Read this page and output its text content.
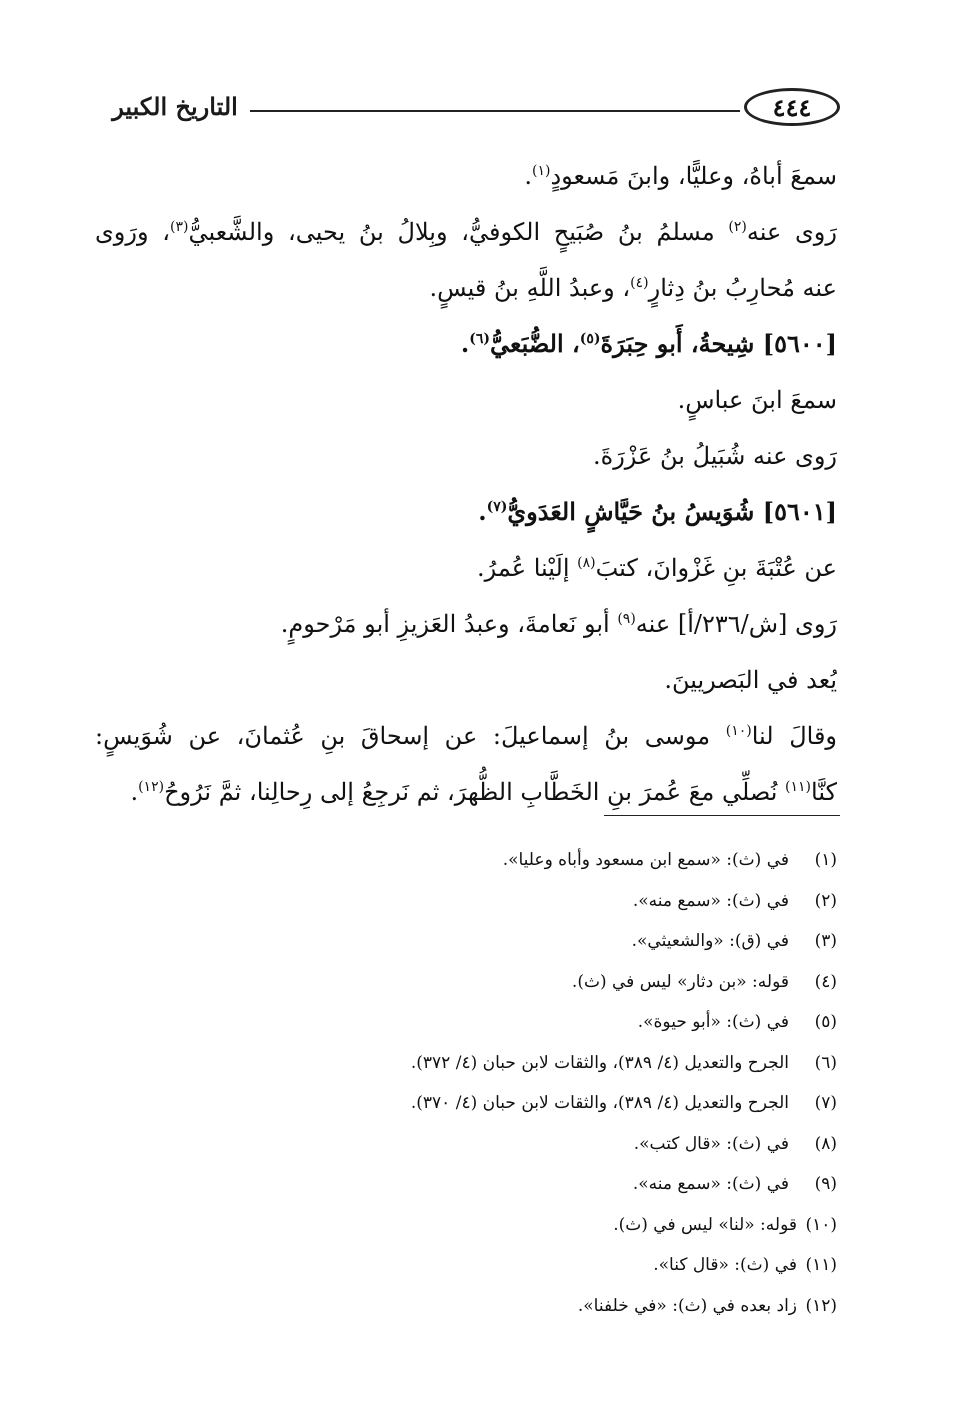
التاريخ الكبير	٤٤٤
سمعَ أباهُ، وعليًّا، وابنَ مَسعودٍ$^{(١)}$.
رَوى عنه$^{(٢)}$ مسلمُ بنُ صُبَيحٍ الكوفيُّ، وبِلالُ بنُ يحيى، والشَّعبيُّ$^{(٣)}$، ورَوى
عنه مُحارِبُ بنُ دِثارٍ$^{(٤)}$، وعبدُ اللَّهِ بنُ قيسٍ.
[٥٦٠٠] شِيحةُ، أَبو حِبَرَةَ$^{(٥)}$، الضُّبَعيُّ$^{(٦)}$.
سمعَ ابنَ عباسٍ.
رَوى عنه شُبَيلُ بنُ عَزْرَةَ.
[٥٦٠١] شُوَيسُ بنُ حَيَّاشٍ العَدَويُّ$^{(٧)}$.
عن عُتْبَةَ بنِ غَزْوانَ، كتبَ$^{(٨)}$ إلَيْنا عُمرُ.
رَوى [ش/٢٣٦/أ] عنه$^{(٩)}$ أبو نَعامةَ، وعبدُ العَزيزِ أبو مَرْحومٍ.
يُعد في البَصريينَ.
وقالَ لنا$^{(١٠)}$ موسى بنُ إسماعيلَ: عن إسحاقَ بنِ عُثمانَ، عن شُوَيسٍ:
كنَّا$^{(١١)}$ نُصلِّي معَ عُمرَ بنِ الخَطَّابِ الظُّهرَ، ثم نَرجِعُ إلى رِحالِنا، ثمَّ نَرُوحُ$^{(١٢)}$.
(١)
في (ث): «سمع ابن مسعود وأباه وعليا».
(٢)
في (ث): «سمع منه».
(٣)
في (ق): «والشعيثي».
(٤)
قوله: «بن دثار» ليس في (ث).
(٥)
في (ث): «أبو حيوة».
(٦)
الجرح والتعديل (٤/ ٣٨٩)، والثقات لابن حبان (٤/ ٣٧٢).
(٧)
الجرح والتعديل (٤/ ٣٨٩)، والثقات لابن حبان (٤/ ٣٧٠).
(٨)
في (ث): «قال كتب».
(٩)
في (ث): «سمع منه».
(١٠)
قوله: «لنا» ليس في (ث).
(١١)
في (ث): «قال كنا».
(١٢)
زاد بعده في (ث): «في خلفنا».
